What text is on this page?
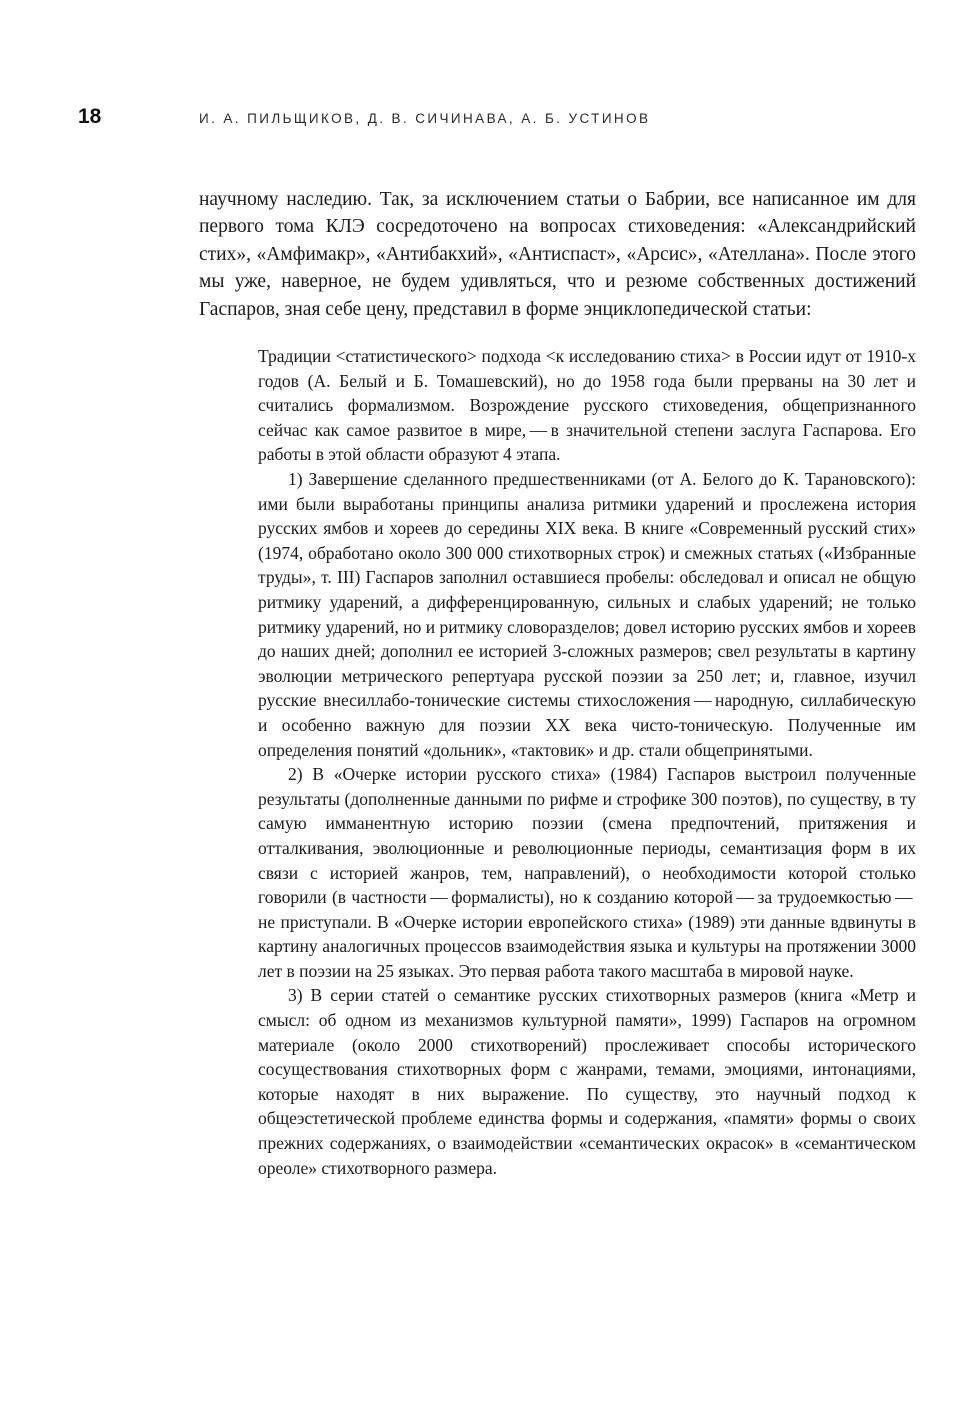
18	И. А. ПИЛЬЩИКОВ, Д. В. СИЧИНАВА, А. Б. УСТИНОВ

научному наследию. Так, за исключением статьи о Бабрии, все написанное им для первого тома КЛЭ сосредоточено на вопросах стиховедения: «Александрийский стих», «Амфимакр», «Антибакхий», «Антиспаст», «Арсис», «Ателлана». После этого мы уже, наверное, не будем удивляться, что и резюме собственных достижений Гаспаров, зная себе цену, представил в форме энциклопедической статьи:

Традиции <статистического> подхода <к исследованию стиха> в России идут от 1910-х годов (А. Белый и Б. Томашевский), но до 1958 года были прерваны на 30 лет и считались формализмом. Возрождение русского стиховедения, общепризнанного сейчас как самое развитое в мире, — в значительной степени заслуга Гаспарова. Его работы в этой области образуют 4 этапа.

1) Завершение сделанного предшественниками (от А. Белого до К. Тарановского): ими были выработаны принципы анализа ритмики ударений и прослежена история русских ямбов и хореев до середины XIX века. В книге «Современный русский стих» (1974, обработано около 300 000 стихотворных строк) и смежных статьях («Избранные труды», т. III) Гаспаров заполнил оставшиеся пробелы: обследовал и описал не общую ритмику ударений, а дифференцированную, сильных и слабых ударений; не только ритмику ударений, но и ритмику словоразделов; довел историю русских ямбов и хореев до наших дней; дополнил ее историей 3-сложных размеров; свел результаты в картину эволюции метрического репертуара русской поэзии за 250 лет; и, главное, изучил русские внесиллабо-тонические системы стихосложения — народную, силлабическую и особенно важную для поэзии XX века чисто-тоническую. Полученные им определения понятий «дольник», «тактовик» и др. стали общепринятыми.

2) В «Очерке истории русского стиха» (1984) Гаспаров выстроил полученные результаты (дополненные данными по рифме и строфике 300 поэтов), по существу, в ту самую имманентную историю поэзии (смена предпочтений, притяжения и отталкивания, эволюционные и революционные периоды, семантизация форм в их связи с историей жанров, тем, направлений), о необходимости которой столько говорили (в частности — формалисты), но к созданию которой — за трудоемкостью — не приступали. В «Очерке истории европейского стиха» (1989) эти данные вдвинуты в картину аналогичных процессов взаимодействия языка и культуры на протяжении 3000 лет в поэзии на 25 языках. Это первая работа такого масштаба в мировой науке.

3) В серии статей о семантике русских стихотворных размеров (книга «Метр и смысл: об одном из механизмов культурной памяти», 1999) Гаспаров на огромном материале (около 2000 стихотворений) прослеживает способы исторического сосуществования стихотворных форм с жанрами, темами, эмоциями, интонациями, которые находят в них выражение. По существу, это научный подход к общеэстетической проблеме единства формы и содержания, «памяти» формы о своих прежних содержаниях, о взаимодействии «семантических окрасок» в «семантическом ореоле» стихотворного размера.
